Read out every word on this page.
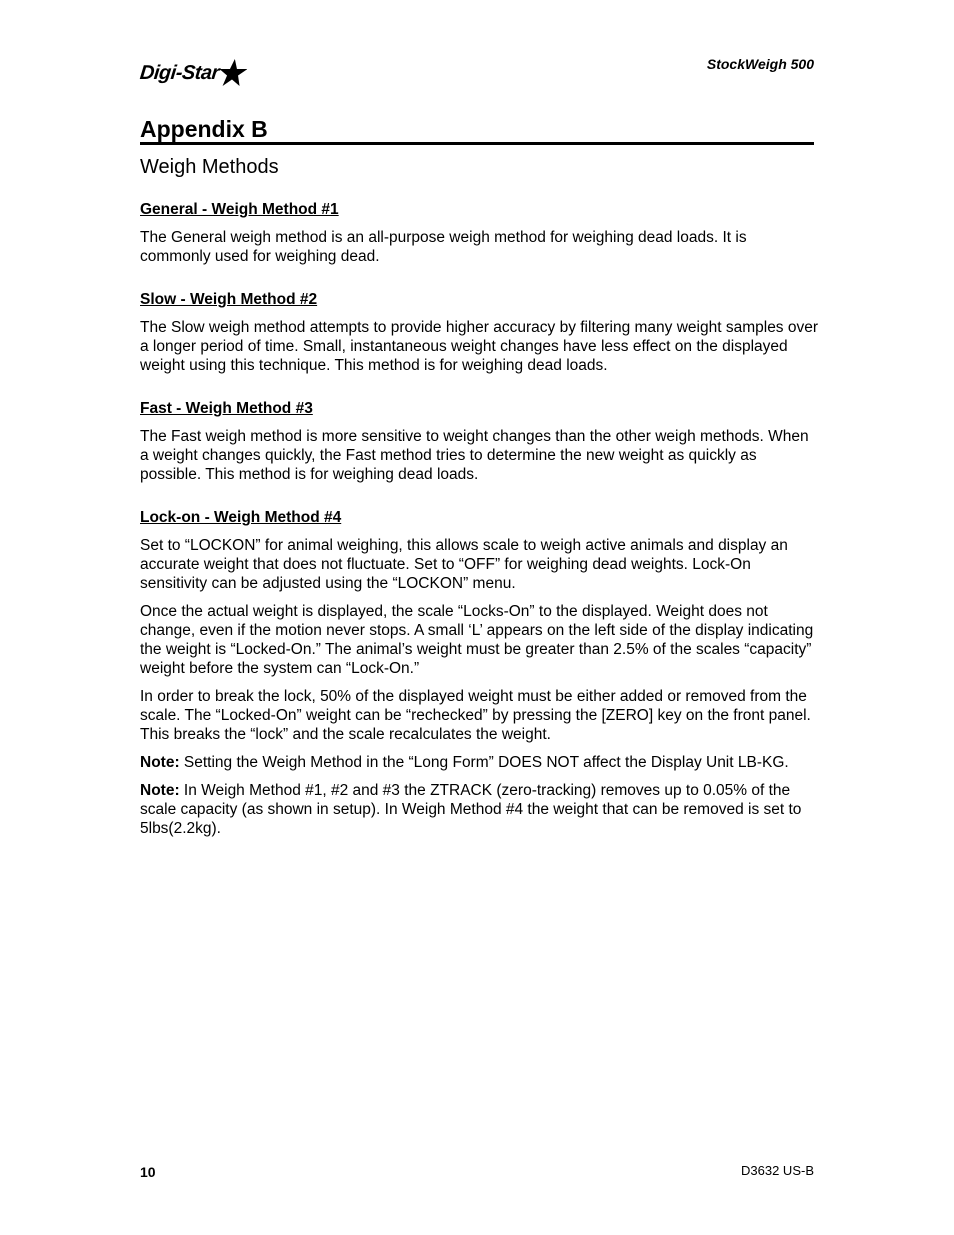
Digi-Star	StockWeigh 500
Appendix B
Weigh Methods
General - Weigh Method #1

The General weigh method is an all-purpose weigh method for weighing dead loads. It is commonly used for weighing dead.

Slow - Weigh Method #2

The Slow weigh method attempts to provide higher accuracy by filtering many weight samples over a longer period of time. Small, instantaneous weight changes have less effect on the displayed weight using this technique. This method is for weighing dead loads.

Fast - Weigh Method #3

The Fast weigh method is more sensitive to weight changes than the other weigh methods. When a weight changes quickly, the Fast method tries to determine the new weight as quickly as possible. This method is for weighing dead loads.

Lock-on - Weigh Method #4

Set to “LOCKON” for animal weighing, this allows scale to weigh active animals and display an accurate weight that does not fluctuate. Set to “OFF” for weighing dead weights. Lock-On sensitivity can be adjusted using the “LOCKON” menu.

Once the actual weight is displayed, the scale “Locks-On” to the displayed. Weight does not change, even if the motion never stops. A small ‘L’ appears on the left side of the display indicating the weight is “Locked-On.” The animal’s weight must be greater than 2.5% of the scales “capacity” weight before the system can “Lock-On.”

In order to break the lock, 50% of the displayed weight must be either added or removed from the scale. The “Locked-On” weight can be “rechecked” by pressing the [ZERO] key on the front panel. This breaks the “lock” and the scale recalculates the weight.

Note: Setting the Weigh Method in the “Long Form” DOES NOT affect the Display Unit LB-KG.

Note: In Weigh Method #1, #2 and #3 the ZTRACK (zero-tracking) removes up to 0.05% of the scale capacity (as shown in setup). In Weigh Method #4 the weight that can be removed is set to 5lbs(2.2kg).

10	D3632 US-B
